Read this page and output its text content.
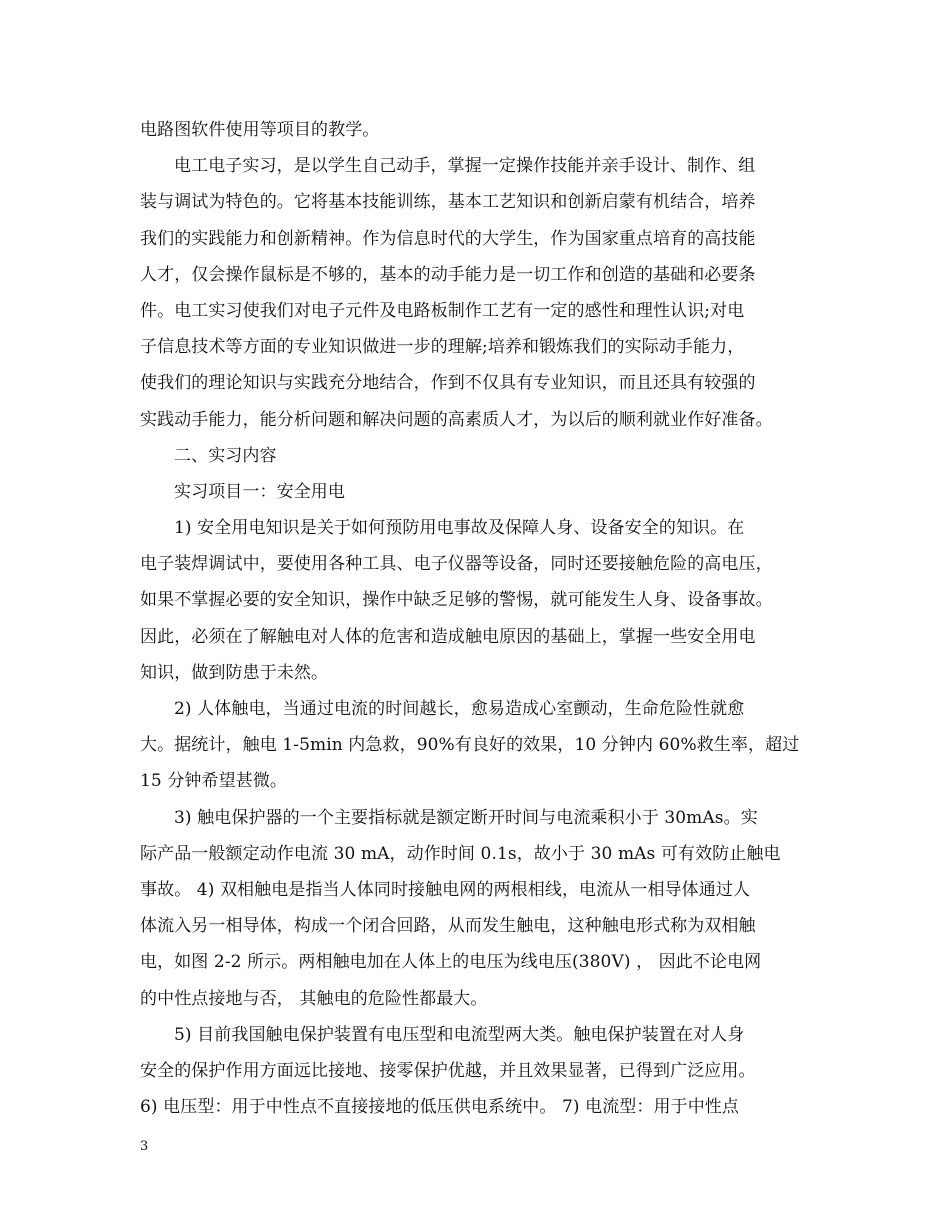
电路图软件使用等项目的教学。
电工电子实习，是以学生自己动手，掌握一定操作技能并亲手设计、制作、组
装与调试为特色的。它将基本技能训练，基本工艺知识和创新启蒙有机结合，培养
我们的实践能力和创新精神。作为信息时代的大学生，作为国家重点培育的高技能
人才，仅会操作鼠标是不够的，基本的动手能力是一切工作和创造的基础和必要条
件。电工实习使我们对电子元件及电路板制作工艺有一定的感性和理性认识;对电
子信息技术等方面的专业知识做进一步的理解;培养和锻炼我们的实际动手能力，
使我们的理论知识与实践充分地结合，作到不仅具有专业知识，而且还具有较强的
实践动手能力，能分析问题和解决问题的高素质人才，为以后的顺利就业作好准备。
二、实习内容
实习项目一：安全用电
1) 安全用电知识是关于如何预防用电事故及保障人身、设备安全的知识。在
电子装焊调试中，要使用各种工具、电子仪器等设备，同时还要接触危险的高电压，
如果不掌握必要的安全知识，操作中缺乏足够的警惕，就可能发生人身、设备事故。
因此，必须在了解触电对人体的危害和造成触电原因的基础上，掌握一些安全用电
知识，做到防患于未然。
2) 人体触电，当通过电流的时间越长，愈易造成心室颤动，生命危险性就愈
大。据统计，触电 1-5min 内急救，90%有良好的效果，10 分钟内 60%救生率，超过
15 分钟希望甚微。
3) 触电保护器的一个主要指标就是额定断开时间与电流乘积小于 30mAs。实
际产品一般额定动作电流 30 mA，动作时间 0.1s，故小于 30 mAs 可有效防止触电
事故。 4) 双相触电是指当人体同时接触电网的两根相线，电流从一相导体通过人
体流入另一相导体，构成一个闭合回路，从而发生触电，这种触电形式称为双相触
电，如图 2-2 所示。两相触电加在人体上的电压为线电压(380V) ， 因此不论电网
的中性点接地与否， 其触电的危险性都最大。
5) 目前我国触电保护装置有电压型和电流型两大类。触电保护装置在对人身
安全的保护作用方面远比接地、接零保护优越，并且效果显著，已得到广泛应用。
6) 电压型：用于中性点不直接接地的低压供电系统中。 7) 电流型：用于中性点
3
